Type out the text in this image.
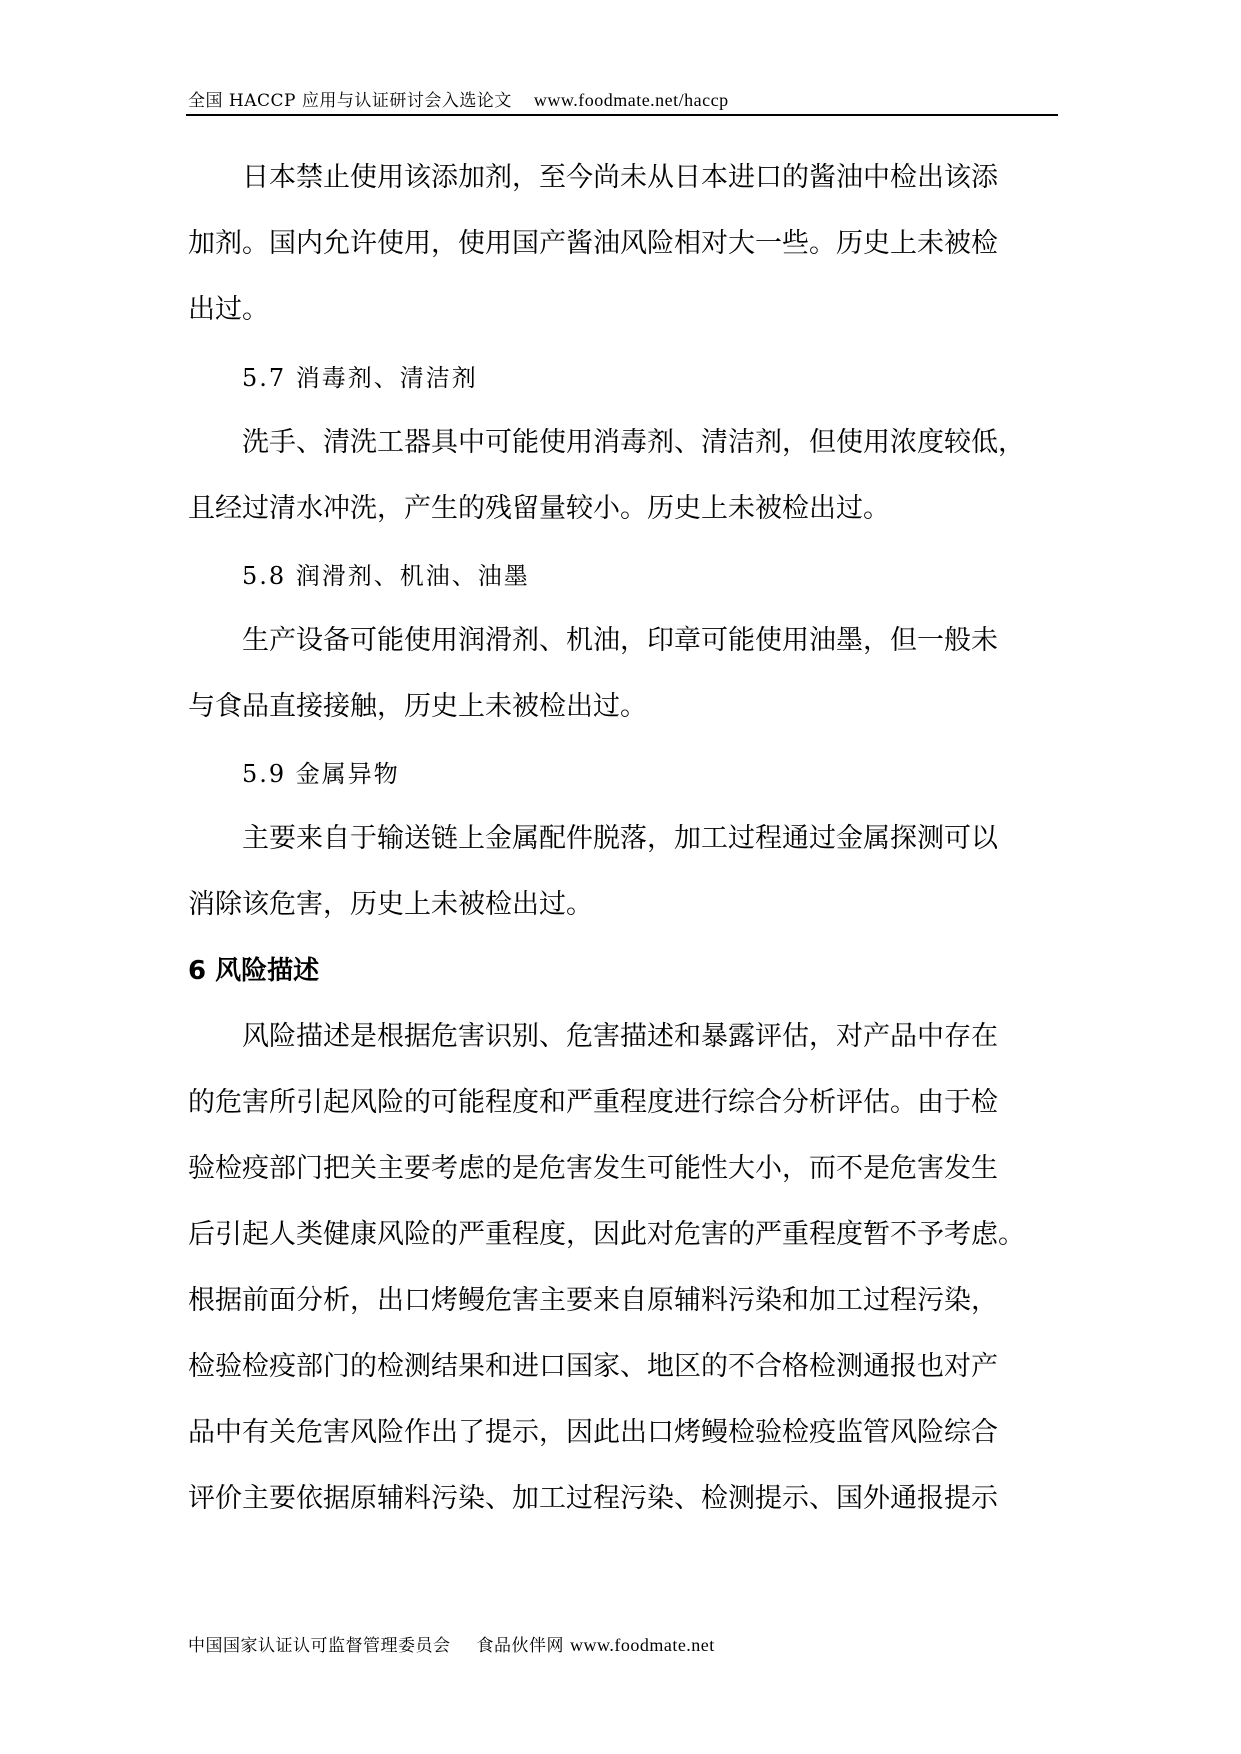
全国 HACCP 应用与认证研讨会入选论文 www.foodmate.net/haccp
日本禁止使用该添加剂，至今尚未从日本进口的酱油中检出该添
加剂。国内允许使用，使用国产酱油风险相对大一些。历史上未被检
出过。
5.7 消毒剂、清洁剂
洗手、清洗工器具中可能使用消毒剂、清洁剂，但使用浓度较低，
且经过清水冲洗，产生的残留量较小。历史上未被检出过。
5.8 润滑剂、机油、油墨
生产设备可能使用润滑剂、机油，印章可能使用油墨，但一般未
与食品直接接触，历史上未被检出过。
5.9 金属异物
主要来自于输送链上金属配件脱落，加工过程通过金属探测可以
消除该危害，历史上未被检出过。
6 风险描述
风险描述是根据危害识别、危害描述和暴露评估，对产品中存在
的危害所引起风险的可能程度和严重程度进行综合分析评估。由于检
验检疫部门把关主要考虑的是危害发生可能性大小，而不是危害发生
后引起人类健康风险的严重程度，因此对危害的严重程度暂不予考虑。
根据前面分析，出口烤鳗危害主要来自原辅料污染和加工过程污染，
检验检疫部门的检测结果和进口国家、地区的不合格检测通报也对产
品中有关危害风险作出了提示，因此出口烤鳗检验检疫监管风险综合
评价主要依据原辅料污染、加工过程污染、检测提示、国外通报提示
中国国家认证认可监督管理委员会 食品伙伴网 www.foodmate.net
